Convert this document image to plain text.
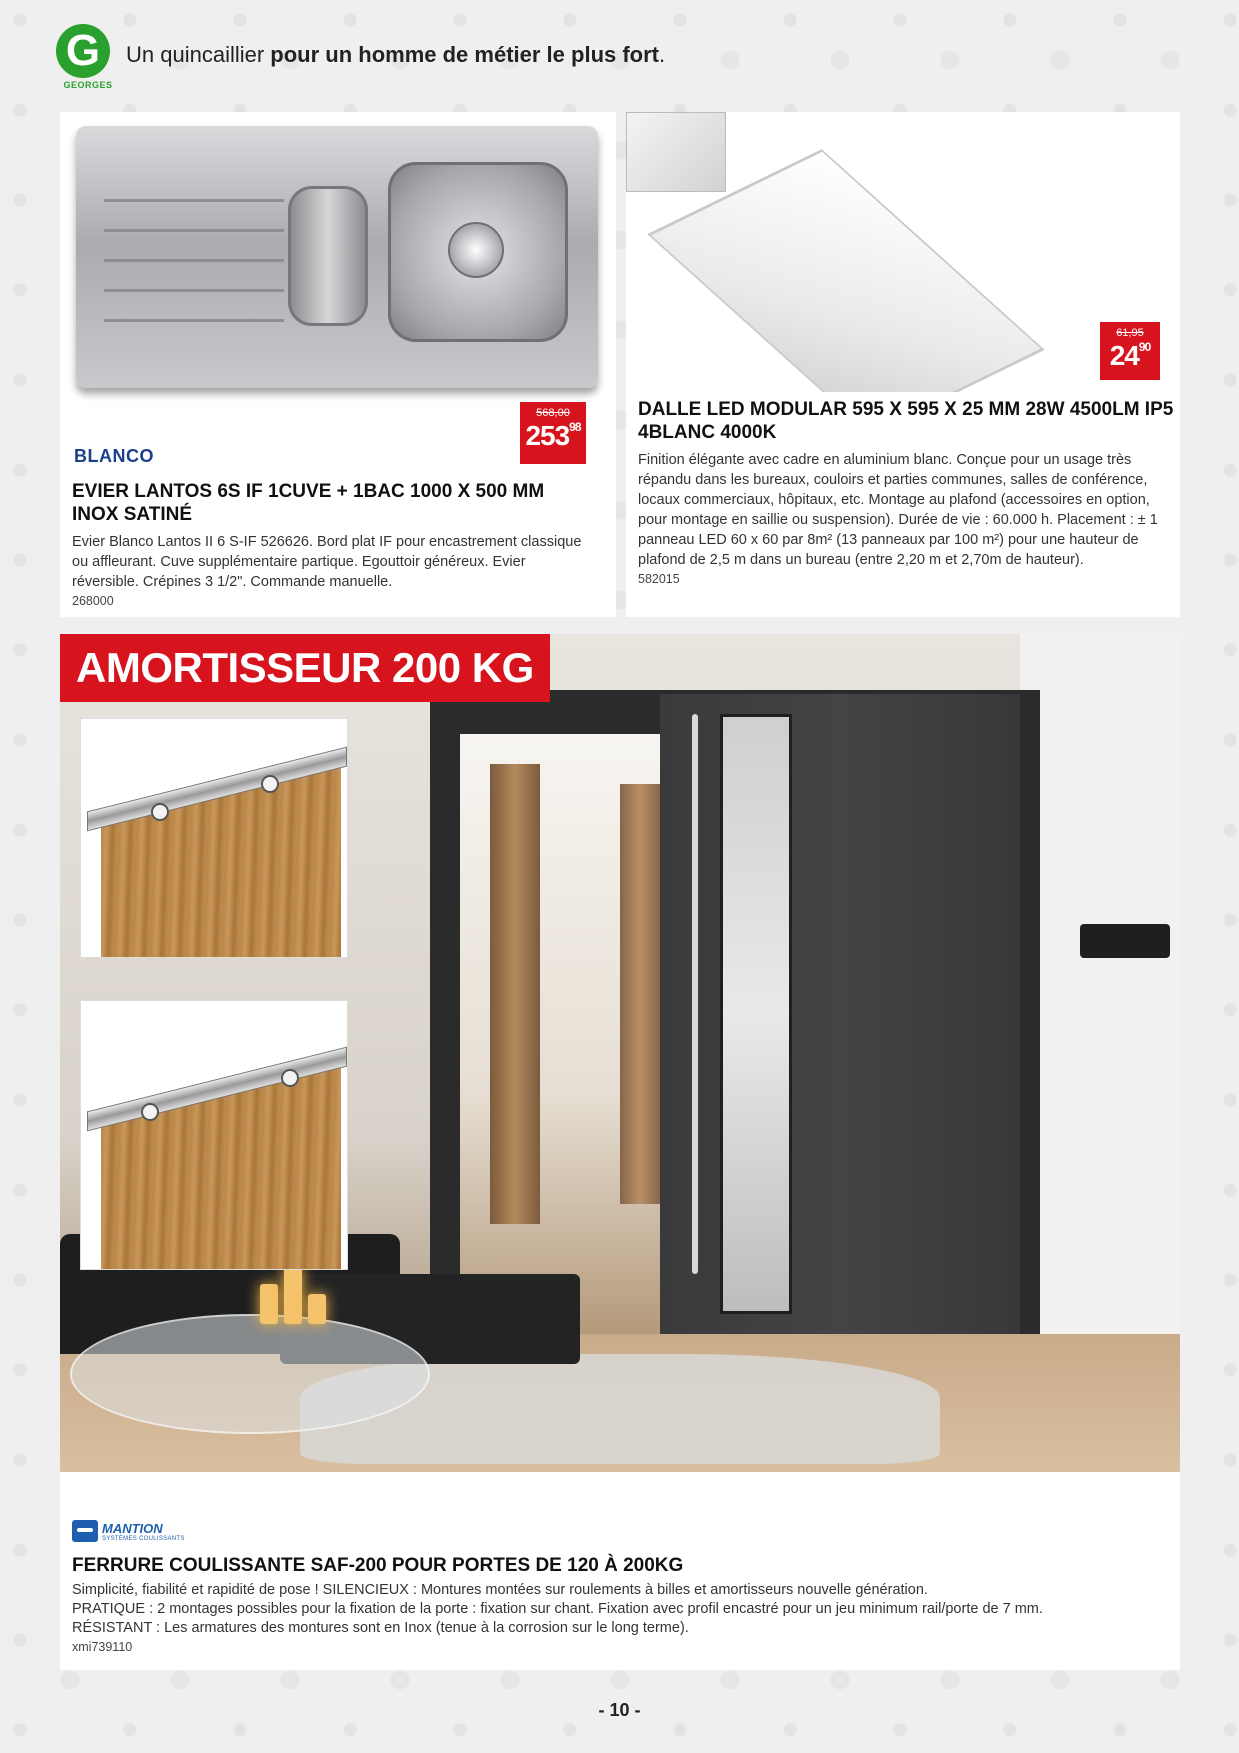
G
GEORGES
Un quincaillier pour un homme de métier le plus fort.
568,00
$253^{98}$
BLANCO
EVIER LANTOS 6S IF 1CUVE + 1BAC 1000 X 500 MM INOX SATINÉ
Evier Blanco Lantos II 6 S-IF 526626. Bord plat IF pour encastrement classique ou affleurant. Cuve supplémentaire partique. Egouttoir généreux. Evier réversible. Crépines 3 1/2". Commande manuelle.
268000
61,95
$24^{90}$
DALLE LED MODULAR 595 X 595 X 25 MM 28W 4500LM IP5 4BLANC 4000K
Finition élégante avec cadre en aluminium blanc. Conçue pour un usage très répandu dans les bureaux, couloirs et parties communes, salles de conférence, locaux commerciaux, hôpitaux, etc. Montage au plafond (accessoires en option, pour montage en saillie ou suspension). Durée de vie : 60.000 h. Placement : ± 1 panneau LED 60 x 60 par 8m² (13 panneaux par 100 m²) pour une hauteur de plafond de 2,5 m dans un bureau (entre 2,20 m et 2,70m de hauteur).
582015
AMORTISSEUR 200 KG
MANTION
SYSTÈMES COULISSANTS
FERRURE COULISSANTE SAF-200 POUR PORTES DE 120 À 200KG
Simplicité, fiabilité et rapidité de pose ! SILENCIEUX : Montures montées sur roulements à billes et amortisseurs nouvelle génération.
PRATIQUE : 2 montages possibles pour la fixation de la porte : fixation sur chant. Fixation avec profil encastré pour un jeu minimum rail/porte de 7 mm.
RÉSISTANT : Les armatures des montures sont en Inox (tenue à la corrosion sur le long terme).
xmi739110
- 10 -
